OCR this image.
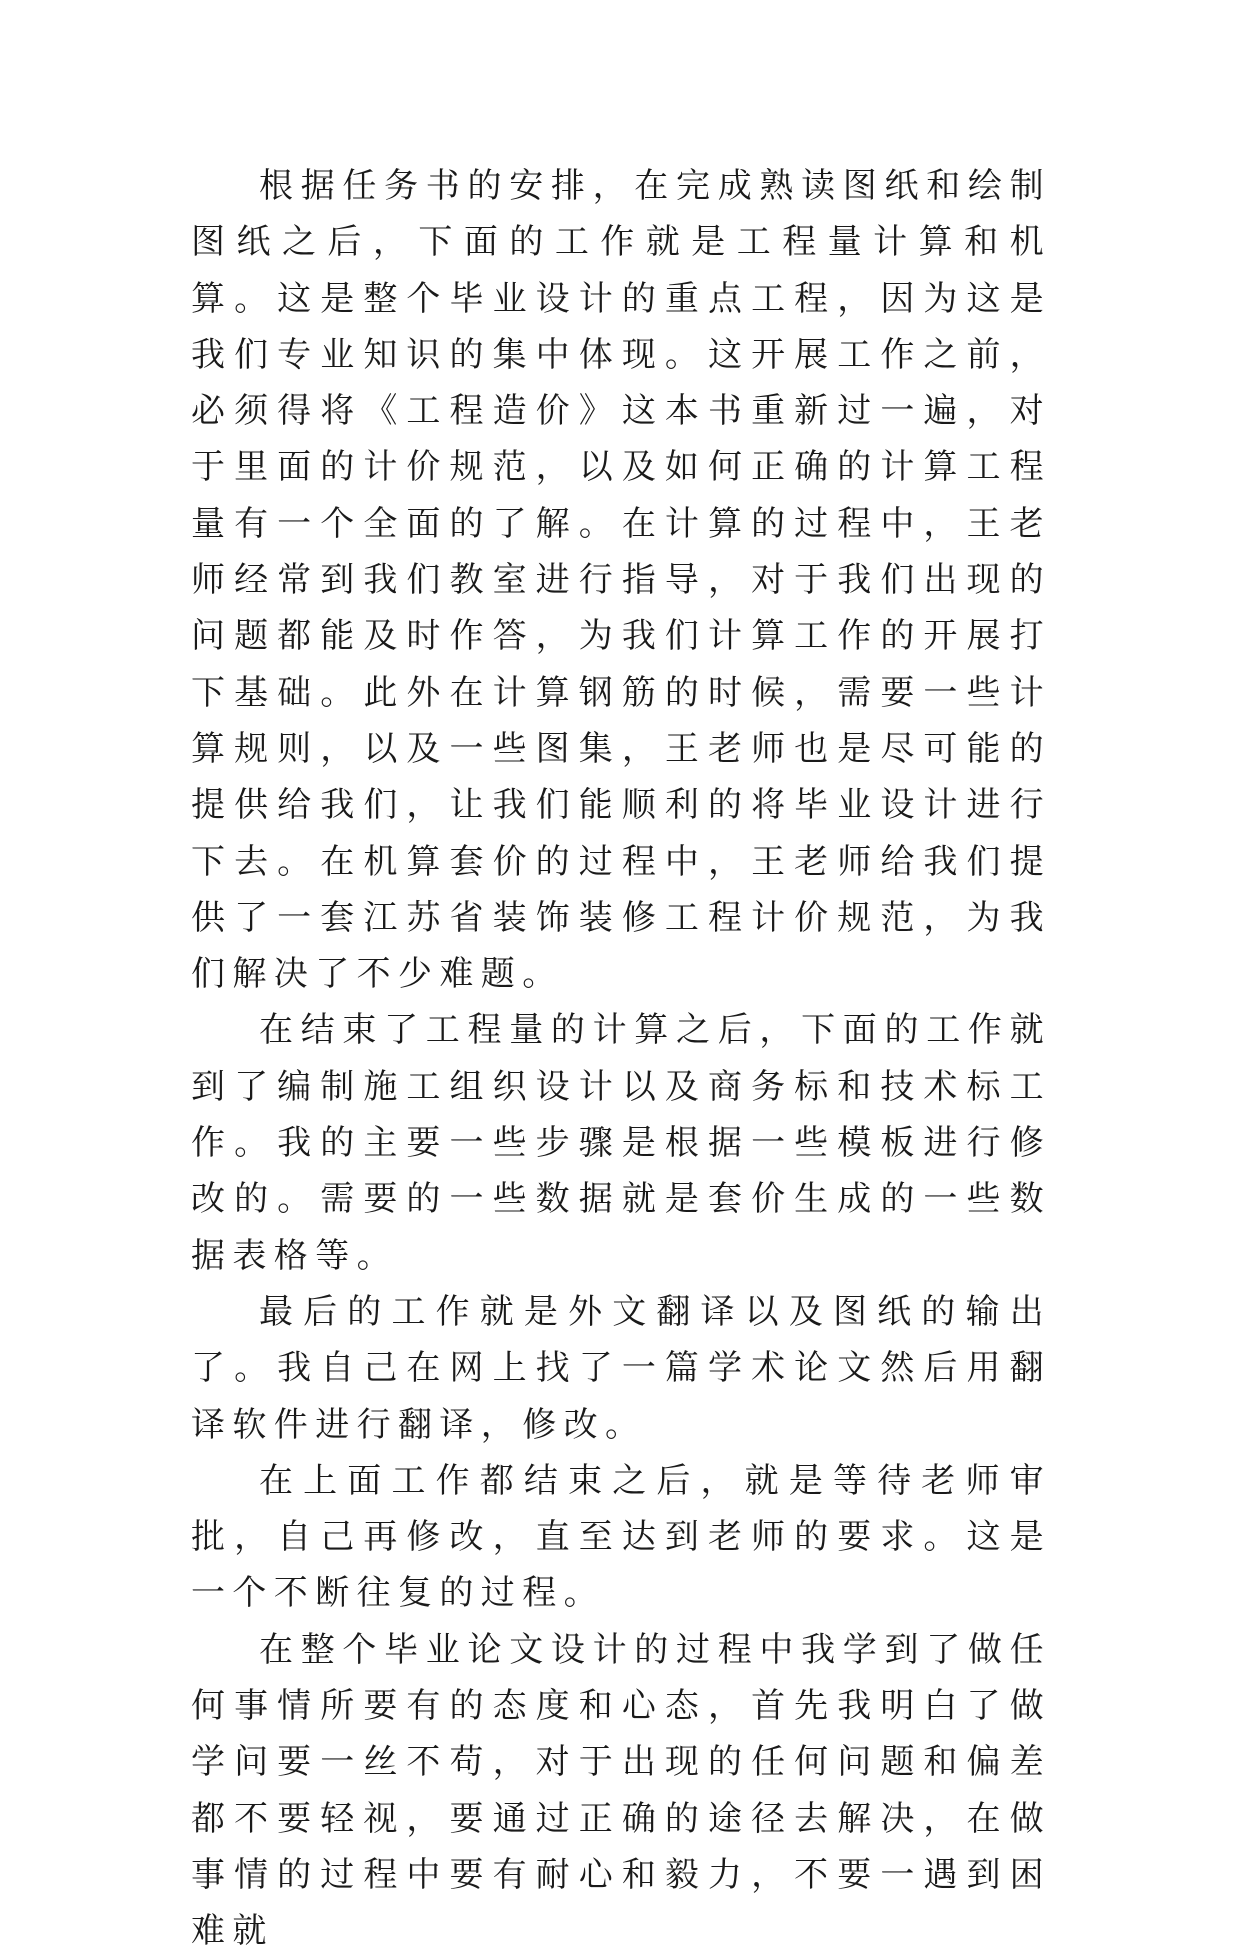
根据任务书的安排，在完成熟读图纸和绘制图纸之后，下面的工作就是工程量计算和机算。这是整个毕业设计的重点工程，因为这是我们专业知识的集中体现。这开展工作之前，必须得将《工程造价》这本书重新过一遍，对于里面的计价规范，以及如何正确的计算工程量有一个全面的了解。在计算的过程中，王老师经常到我们教室进行指导，对于我们出现的问题都能及时作答，为我们计算工作的开展打下基础。此外在计算钢筋的时候，需要一些计算规则，以及一些图集，王老师也是尽可能的提供给我们，让我们能顺利的将毕业设计进行下去。在机算套价的过程中，王老师给我们提供了一套江苏省装饰装修工程计价规范，为我们解决了不少难题。

在结束了工程量的计算之后，下面的工作就到了编制施工组织设计以及商务标和技术标工作。我的主要一些步骤是根据一些模板进行修改的。需要的一些数据就是套价生成的一些数据表格等。

最后的工作就是外文翻译以及图纸的输出了。我自己在网上找了一篇学术论文然后用翻译软件进行翻译，修改。

在上面工作都结束之后，就是等待老师审批，自己再修改，直至达到老师的要求。这是一个不断往复的过程。

在整个毕业论文设计的过程中我学到了做任何事情所要有的态度和心态，首先我明白了做学问要一丝不苟，对于出现的任何问题和偏差都不要轻视，要通过正确的途径去解决，在做事情的过程中要有耐心和毅力，不要一遇到困难就
